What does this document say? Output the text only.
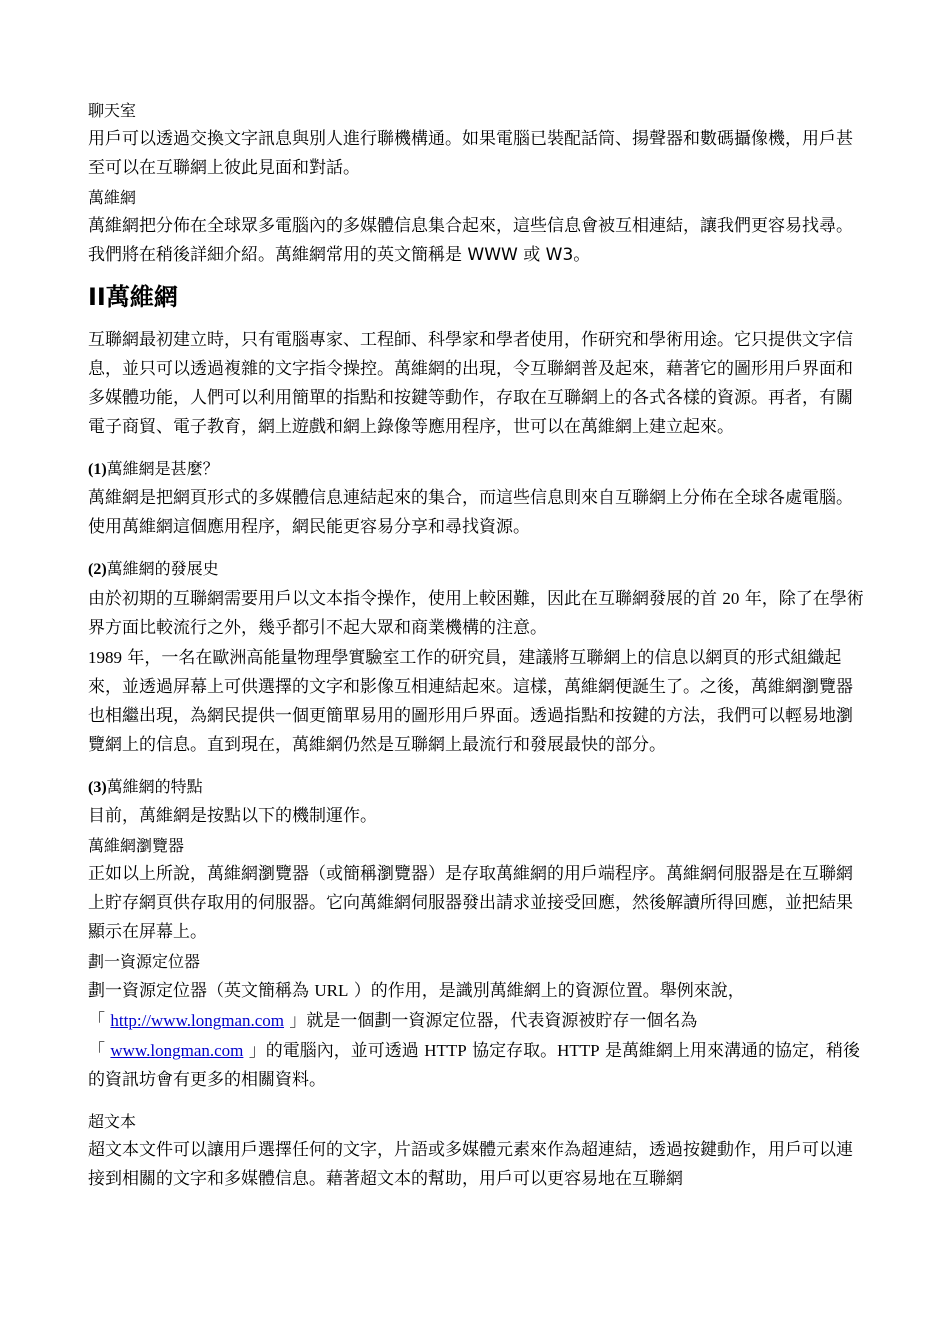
聊天室

用戶可以透過交換文字訊息與別人進行聯機構通。如果電腦已裝配話筒、揚聲器和數碼攝像機，用戶甚至可以在互聯網上彼此見面和對話。

萬維網

萬維網把分佈在全球眾多電腦內的多媒體信息集合起來，這些信息會被互相連結，讓我們更容易找尋。我們將在稍後詳細介紹。萬維網常用的英文簡稱是 WWW 或 W3。

II萬維網

互聯網最初建立時，只有電腦專家、工程師、科學家和學者使用，作研究和學術用途。它只提供文字信息，並只可以透過複雜的文字指令操控。萬維網的出現，令互聯網普及起來，藉著它的圖形用戶界面和多媒體功能，人們可以利用簡單的指點和按鍵等動作，存取在互聯網上的各式各樣的資源。再者，有關電子商貿、電子教育，網上遊戲和網上錄像等應用程序，世可以在萬維網上建立起來。

(1)萬維網是甚麼？

萬維網是把網頁形式的多媒體信息連結起來的集合，而這些信息則來自互聯網上分佈在全球各處電腦。使用萬維網這個應用程序，網民能更容易分享和尋找資源。

(2)萬維網的發展史

由於初期的互聯網需要用戶以文本指令操作，使用上較困難，因此在互聯網發展的首 20 年，除了在學術界方面比較流行之外，幾乎都引不起大眾和商業機構的注意。

1989 年，一名在歐洲高能量物理學實驗室工作的研究員，建議將互聯網上的信息以網頁的形式組織起來，並透過屏幕上可供選擇的文字和影像互相連結起來。這樣，萬維網便誕生了。之後，萬維網瀏覽器也相繼出現，為網民提供一個更簡單易用的圖形用戶界面。透過指點和按鍵的方法，我們可以輕易地瀏覽網上的信息。直到現在，萬維網仍然是互聯網上最流行和發展最快的部分。

(3)萬維網的特點

目前，萬維網是按點以下的機制運作。

萬維網瀏覽器

正如以上所說，萬維網瀏覽器（或簡稱瀏覽器）是存取萬維網的用戶端程序。萬維網伺服器是在互聯網上貯存網頁供存取用的伺服器。它向萬維網伺服器發出請求並接受回應，然後解讀所得回應，並把結果顯示在屏幕上。

劃一資源定位器

劃一資源定位器（英文簡稱為 URL ）的作用，是識別萬維網上的資源位置。舉例來說，
「 http://www.longman.com 」就是一個劃一資源定位器，代表資源被貯存一個名為
「 www.longman.com 」的電腦內，並可透過 HTTP 協定存取。HTTP 是萬維網上用來溝通的協定，稍後的資訊坊會有更多的相關資料。

超文本

超文本文件可以讓用戶選擇任何的文字，片語或多媒體元素來作為超連結，透過按鍵動作，用戶可以連接到相關的文字和多媒體信息。藉著超文本的幫助，用戶可以更容易地在互聯網
